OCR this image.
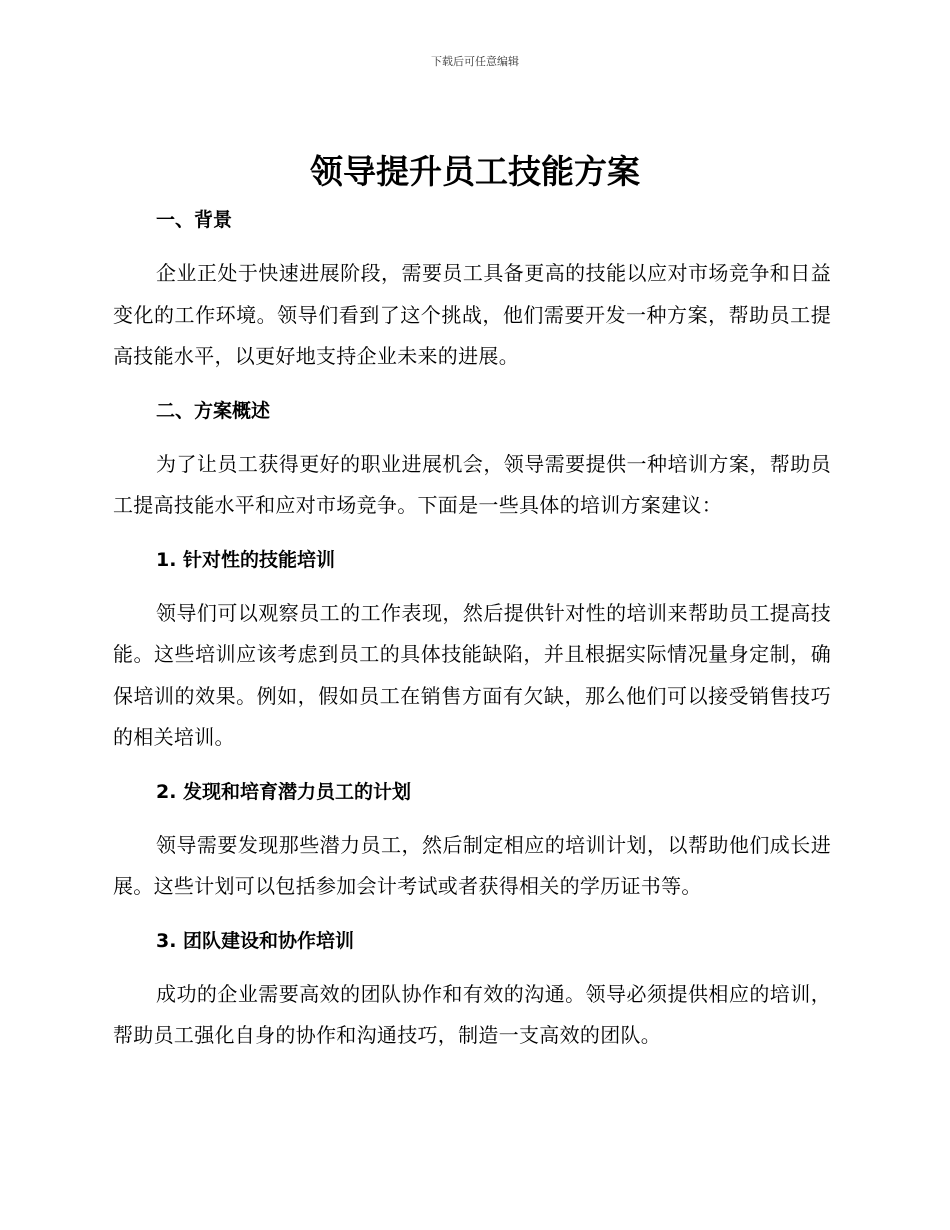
下载后可任意编辑
领导提升员工技能方案
一、背景

企业正处于快速进展阶段，需要员工具备更高的技能以应对市场竞争和日益变化的工作环境。领导们看到了这个挑战，他们需要开发一种方案，帮助员工提高技能水平，以更好地支持企业未来的进展。

二、方案概述

为了让员工获得更好的职业进展机会，领导需要提供一种培训方案，帮助员工提高技能水平和应对市场竞争。下面是一些具体的培训方案建议：

1. 针对性的技能培训

领导们可以观察员工的工作表现，然后提供针对性的培训来帮助员工提高技能。这些培训应该考虑到员工的具体技能缺陷，并且根据实际情况量身定制，确保培训的效果。例如，假如员工在销售方面有欠缺，那么他们可以接受销售技巧的相关培训。

2. 发现和培育潜力员工的计划

领导需要发现那些潜力员工，然后制定相应的培训计划，以帮助他们成长进展。这些计划可以包括参加会计考试或者获得相关的学历证书等。

3. 团队建设和协作培训

成功的企业需要高效的团队协作和有效的沟通。领导必须提供相应的培训，帮助员工强化自身的协作和沟通技巧，制造一支高效的团队。
